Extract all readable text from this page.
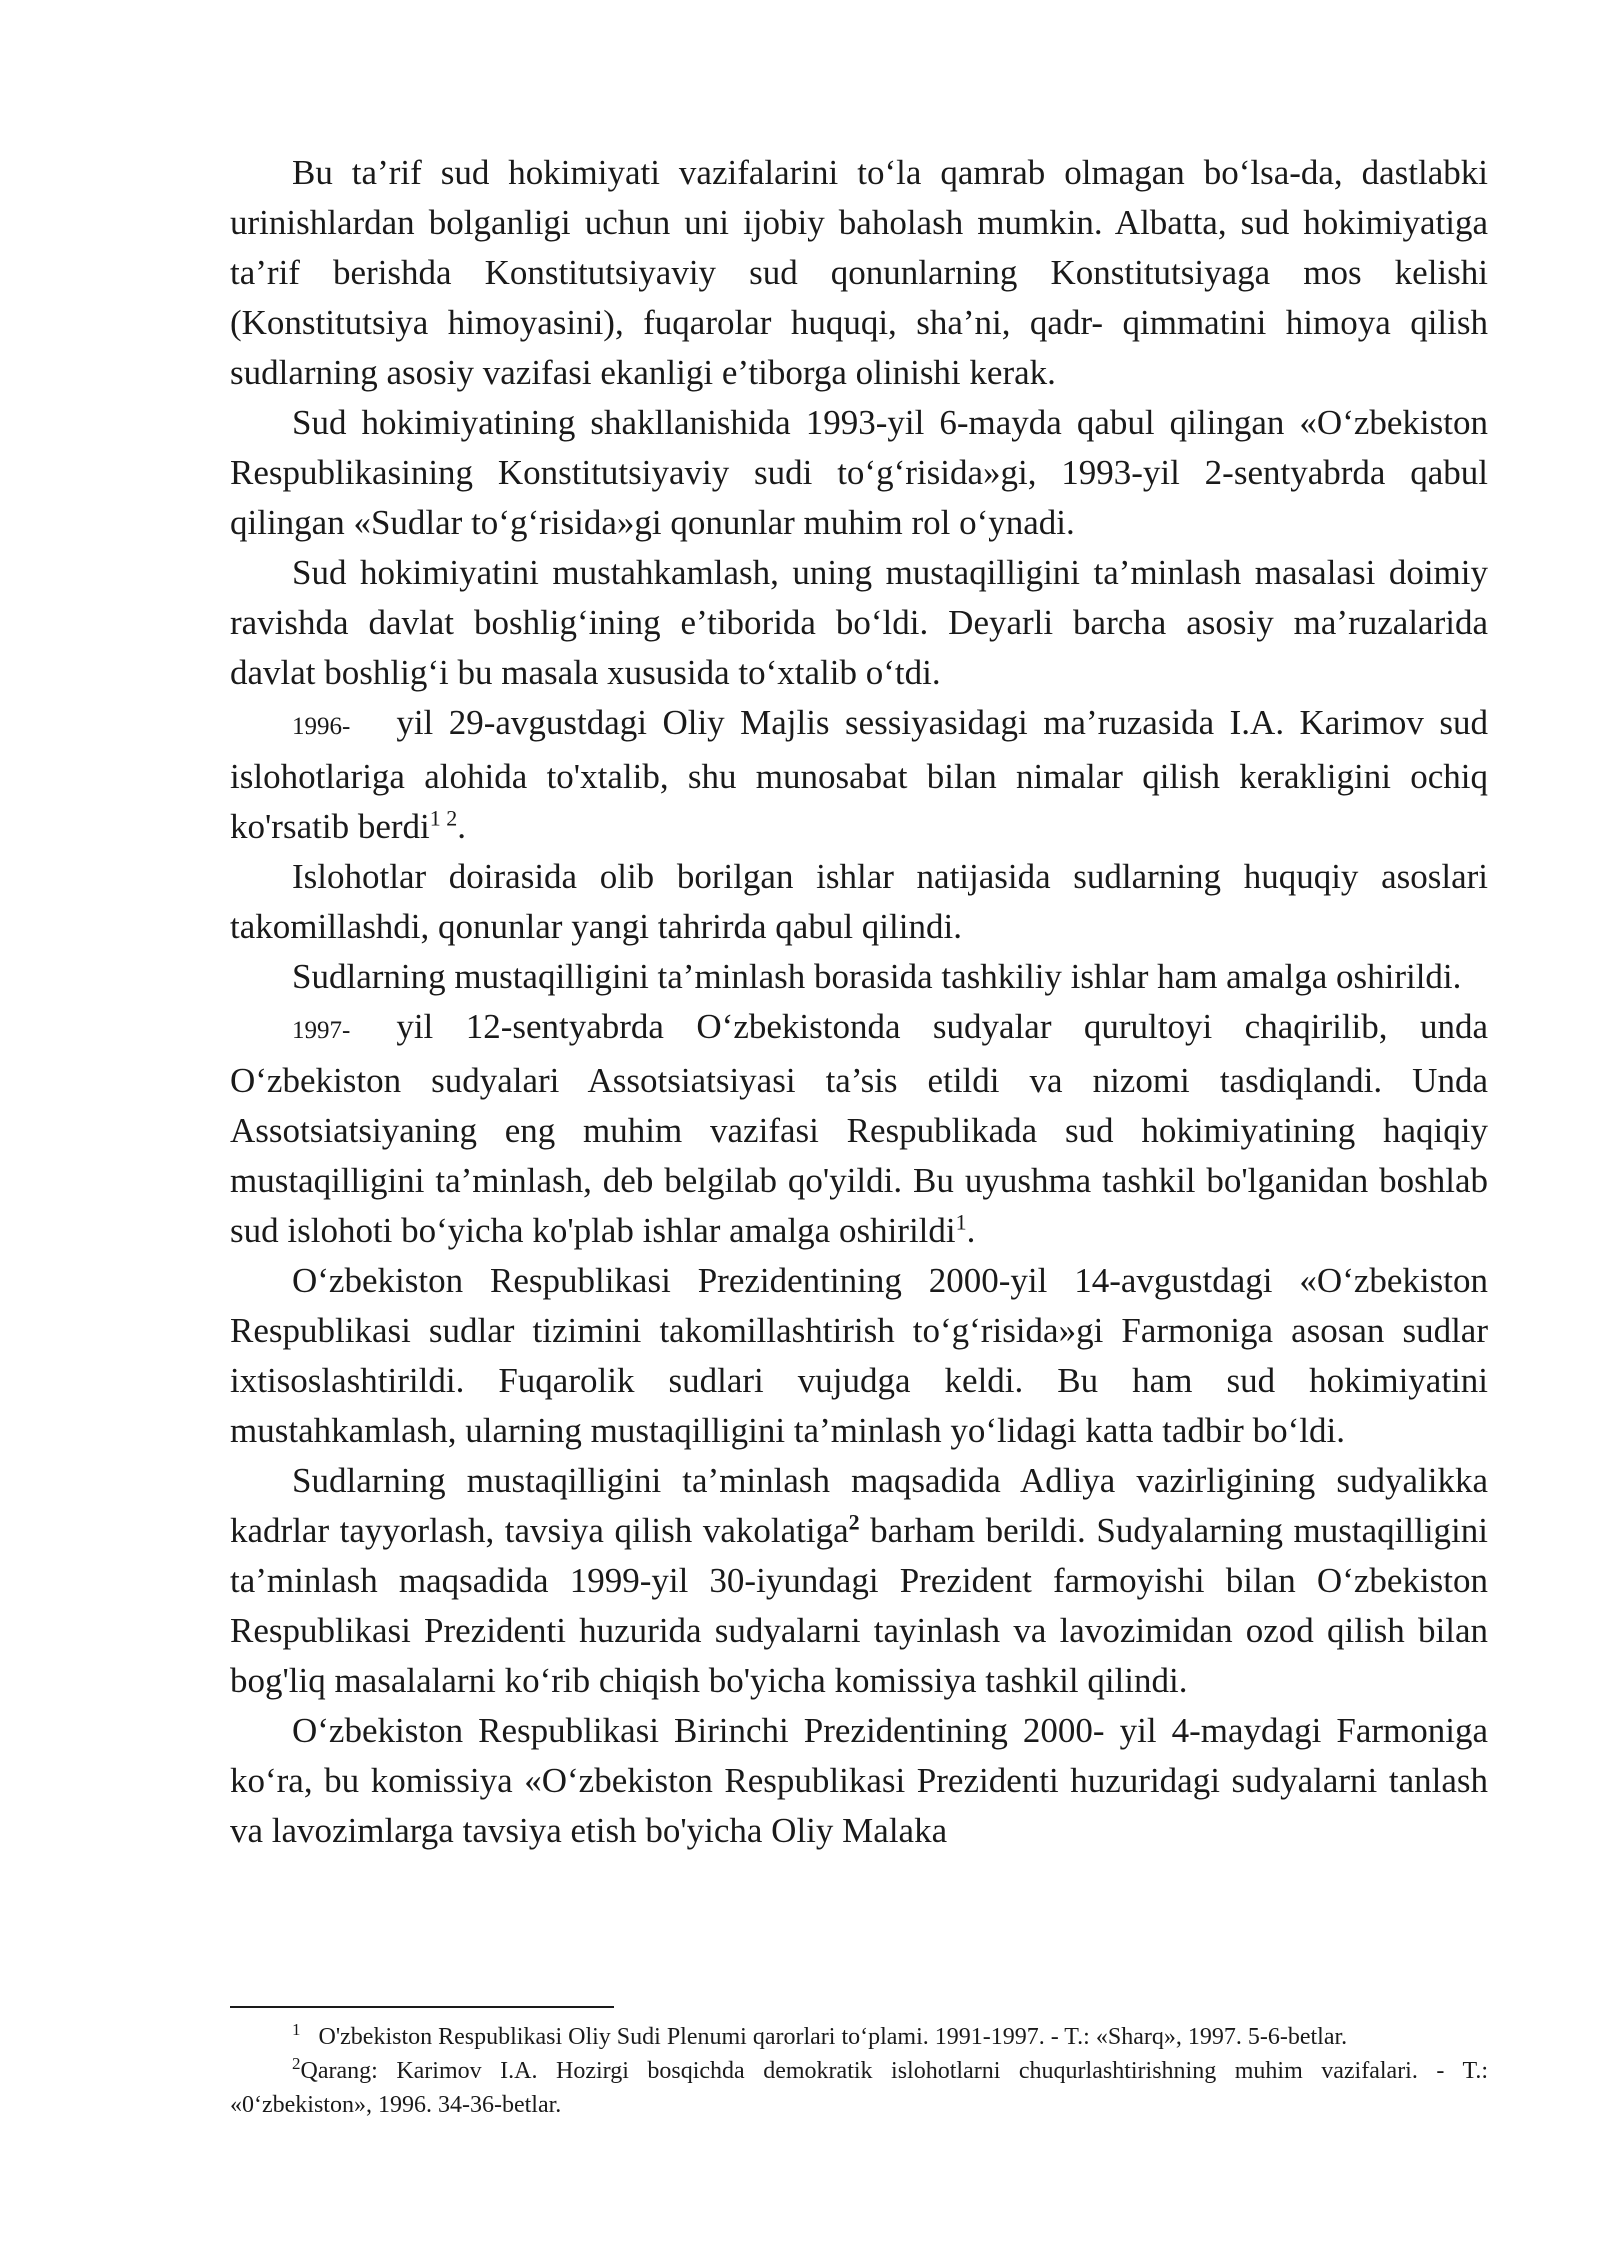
Bu ta’rif sud hokimiyati vazifalarini to‘la qamrab olmagan bo‘lsa-da, dastlabki urinishlardan bolganligi uchun uni ijobiy baholash mumkin. Albatta, sud hokimiyatiga ta’rif berishda Konstitutsiyaviy sud qonunlarning Konstitutsiyaga mos kelishi (Konstitutsiya himoyasini), fuqarolar huquqi, sha’ni, qadr- qimmatini himoya qilish sudlarning asosiy vazifasi ekanligi e’tiborga olinishi kerak.

Sud hokimiyatining shakllanishida 1993-yil 6-mayda qabul qilingan «O‘zbekiston Respublikasining Konstitutsiyaviy sudi to‘g‘risida»gi, 1993-yil 2-sentyabrda qabul qilingan «Sudlar to‘g‘risida»gi qonunlar muhim rol o‘ynadi.

Sud hokimiyatini mustahkamlash, uning mustaqilligini ta’minlash masalasi doimiy ravishda davlat boshlig‘ining e’tiborida bo‘ldi. Deyarli barcha asosiy ma’ruzalarida davlat boshlig‘i bu masala xususida to‘xtalib o‘tdi.

1996- yil 29-avgustdagi Oliy Majlis sessiyasidagi ma’ruzasida I.A. Karimov sud islohotlariga alohida to'xtalib, shu munosabat bilan nimalar qilish kerakligini ochiq ko'rsatib berdi$^{1 2}$.

Islohotlar doirasida olib borilgan ishlar natijasida sudlarning huquqiy asoslari takomillashdi, qonunlar yangi tahrirda qabul qilindi.

Sudlarning mustaqilligini ta’minlash borasida tashkiliy ishlar ham amalga oshirildi.

1997- yil 12-sentyabrda O‘zbekistonda sudyalar qurultoyi chaqirilib, unda O‘zbekiston sudyalari Assotsiatsiyasi ta’sis etildi va nizomi tasdiqlandi. Unda Assotsiatsiyaning eng muhim vazifasi Respublikada sud hokimiyatining haqiqiy mustaqilligini ta’minlash, deb belgilab qo'yildi. Bu uyushma tashkil bo'lganidan boshlab sud islohoti bo‘yicha ko'plab ishlar amalga oshirildi$^1$.

O‘zbekiston Respublikasi Prezidentining 2000-yil 14-avgustdagi «O‘zbekiston Respublikasi sudlar tizimini takomillashtirish to‘g‘risida»gi Farmoniga asosan sudlar ixtisoslashtirildi. Fuqarolik sudlari vujudga keldi. Bu ham sud hokimiyatini mustahkamlash, ularning mustaqilligini ta’minlash yo‘lidagi katta tadbir bo‘ldi.

Sudlarning mustaqilligini ta’minlash maqsadida Adliya vazirligining sudyalikka kadrlar tayyorlash, tavsiya qilish vakolatiga$^2$ barham berildi. Sudyalarning mustaqilligini ta’minlash maqsadida 1999-yil 30-iyundagi Prezident farmoyishi bilan O‘zbekiston Respublikasi Prezidenti huzurida sudyalarni tayinlash va lavozimidan ozod qilish bilan bog'liq masalalarni ko‘rib chiqish bo'yicha komissiya tashkil qilindi.

O‘zbekiston Respublikasi Birinchi Prezidentining 2000- yil 4-maydagi Farmoniga ko‘ra, bu komissiya «O‘zbekiston Respublikasi Prezidenti huzuridagi sudyalarni tanlash va lavozimlarga tavsiya etish bo'yicha Oliy Malaka

$^1$ O'zbekiston Respublikasi Oliy Sudi Plenumi qarorlari to‘plami. 1991-1997. - T.: «Sharq», 1997. 5-6-betlar.

$^2$Qarang: Karimov I.A. Hozirgi bosqichda demokratik islohotlarni chuqurlashtirishning muhim vazifalari. - T.: «0‘zbekiston», 1996. 34-36-betlar.
